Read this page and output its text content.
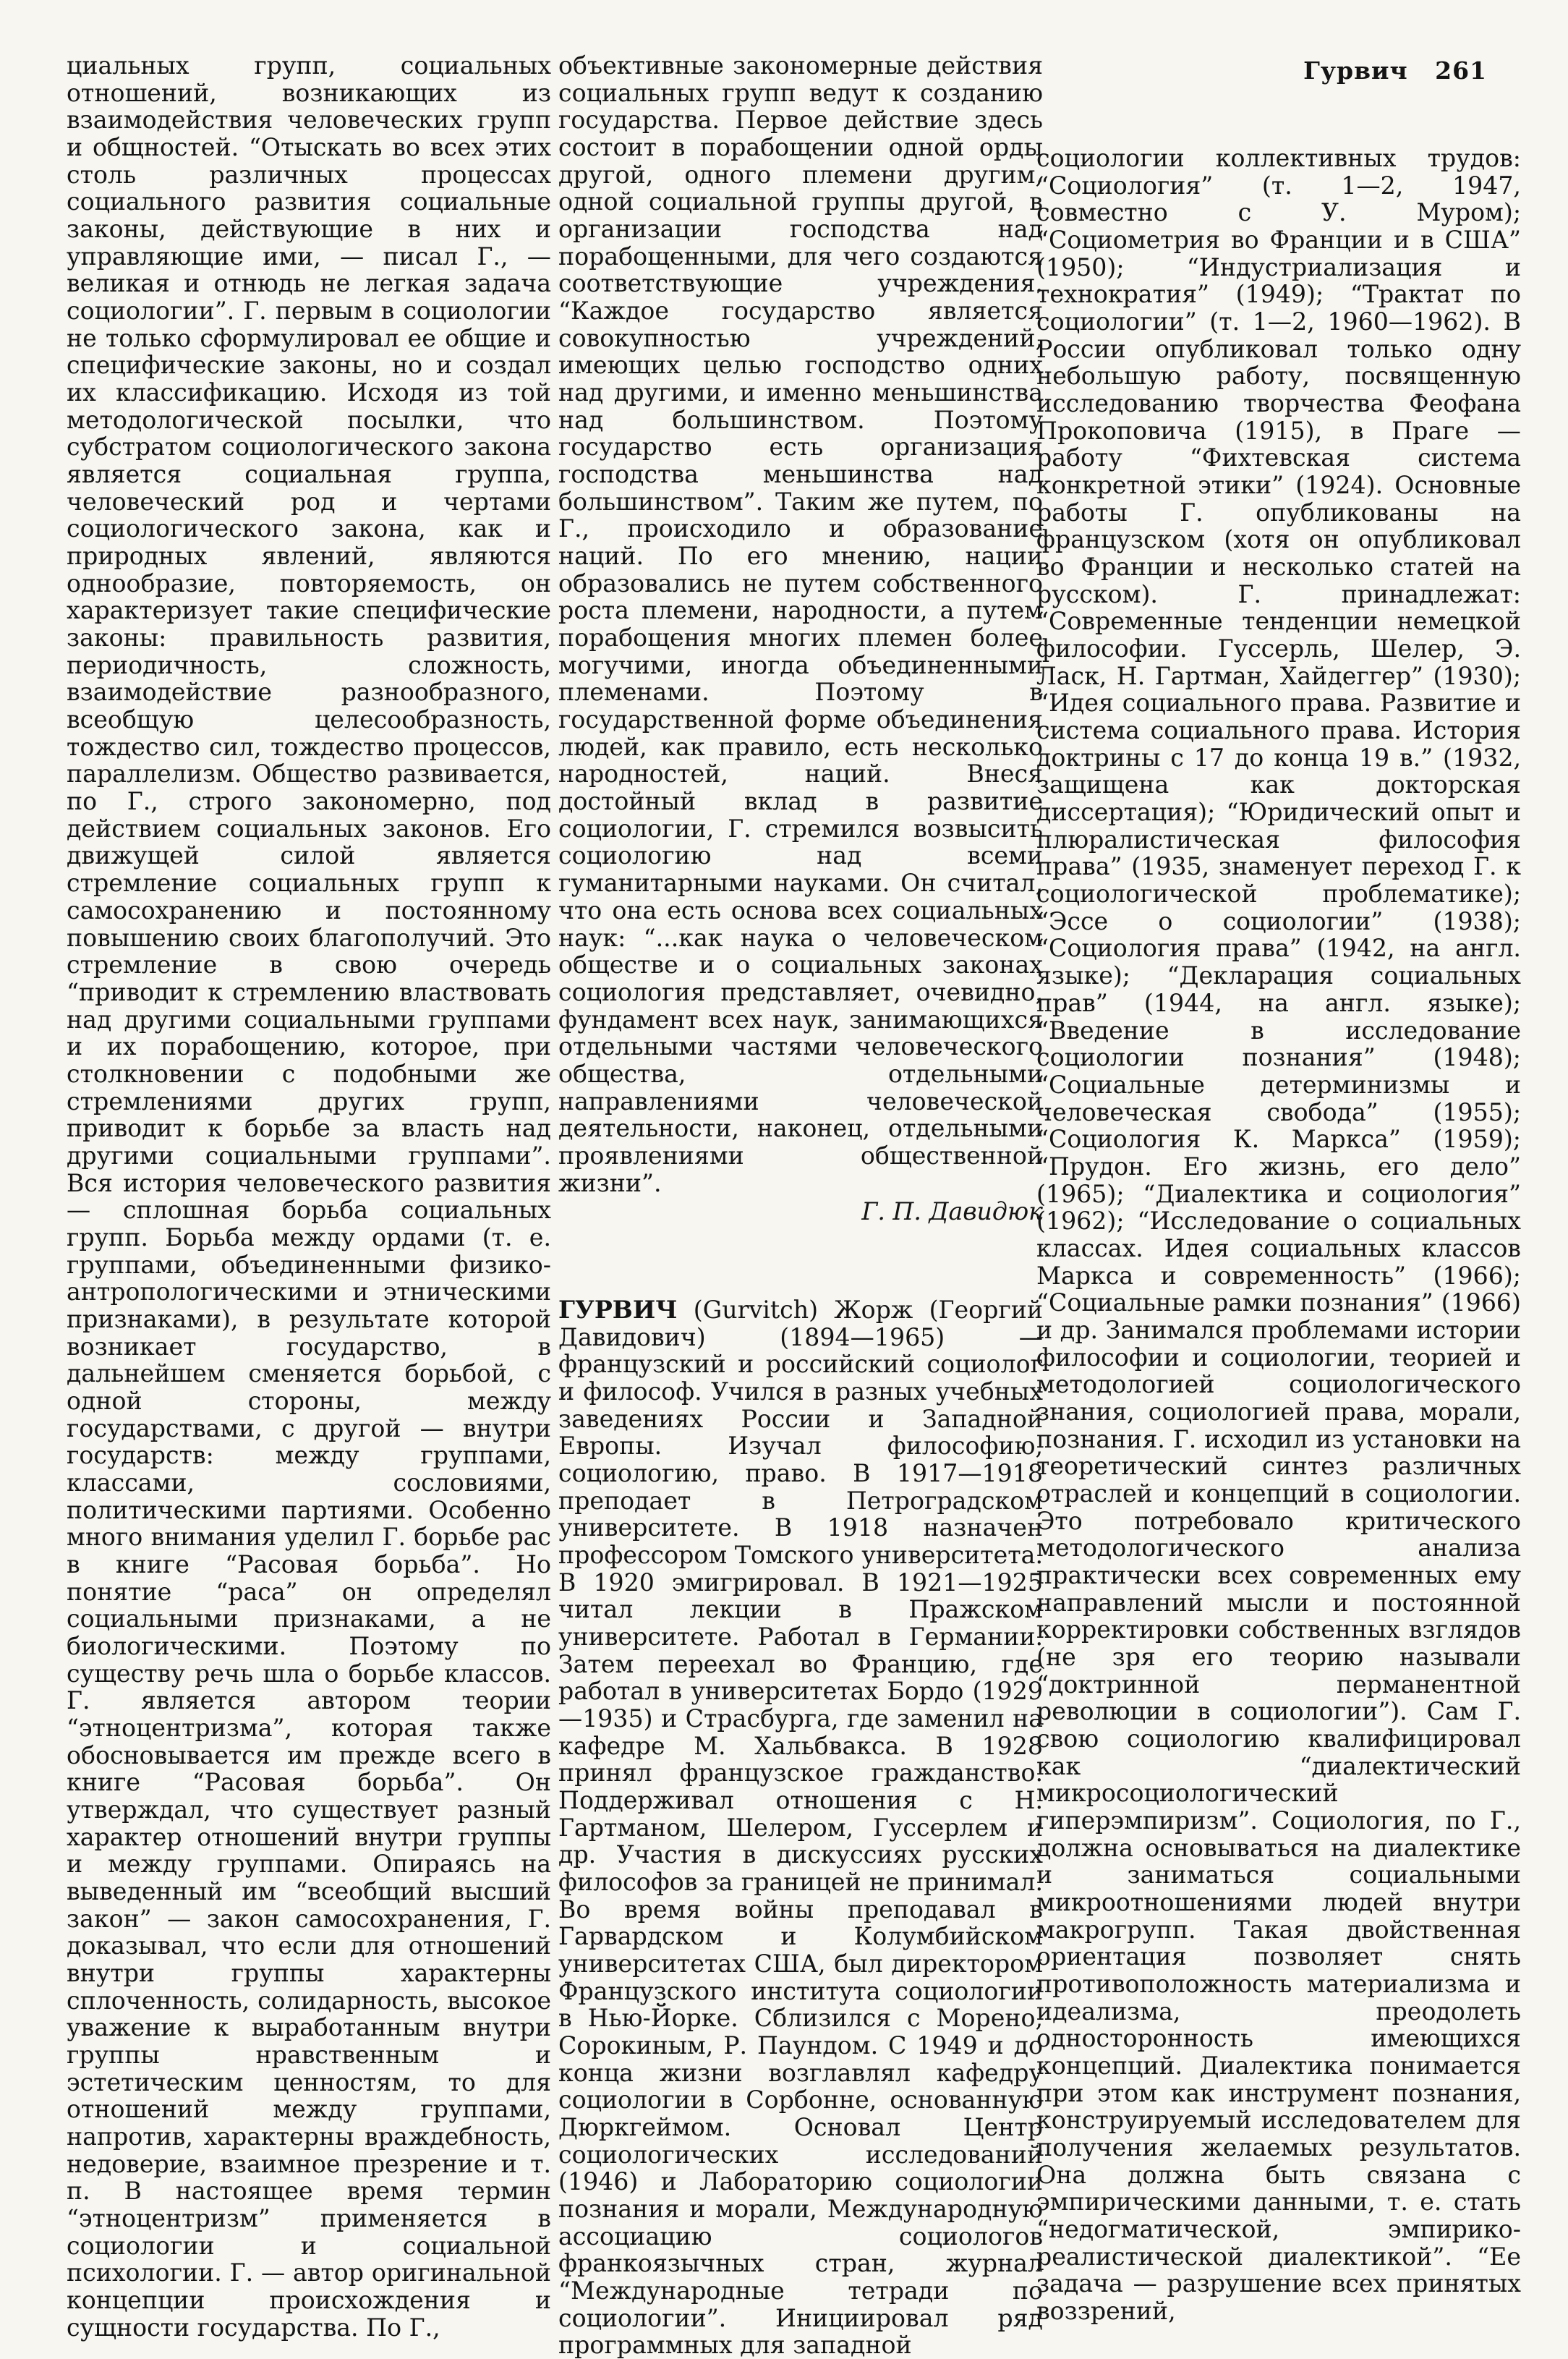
Гурвич   261

циальных групп, социальных отношений, возникающих из взаимодействия человеческих групп и общностей. “Отыскать во всех этих столь различных процессах социального развития социальные законы, действующие в них и управляющие ими, — писал Г., — великая и отнюдь не легкая задача социологии”. Г. первым в социологии не только сформулировал ее общие и специфические законы, но и создал их классификацию. Исходя из той методологической посылки, что субстратом социологического закона является социальная группа, человеческий род и чертами социологического закона, как и природных явлений, являются однообразие, повторяемость, он характеризует такие специфические законы: правильность развития, периодичность, сложность, взаимодействие разнообразного, всеобщую целесообразность, тождество сил, тождество процессов, параллелизм. Общество развивается, по Г., строго закономерно, под действием социальных законов. Его движущей силой является стремление социальных групп к самосохранению и постоянному повышению своих благополучий. Это стремление в свою очередь “приводит к стремлению властвовать над другими социальными группами и их порабощению, которое, при столкновении с подобными же стремлениями других групп, приводит к борьбе за власть над другими социальными группами”. Вся история человеческого развития — сплошная борьба социальных групп. Борьба между ордами (т. е. группами, объединенными физико-антропологическими и этническими признаками), в результате которой возникает государство, в дальнейшем сменяется борьбой, с одной стороны, между государствами, с другой — внутри государств: между группами, классами, сословиями, политическими партиями. Особенно много внимания уделил Г. борьбе рас в книге “Расовая борьба”. Но понятие “раса” он определял социальными признаками, а не биологическими. Поэтому по существу речь шла о борьбе классов. Г. является автором теории “этноцентризма”, которая также обосновывается им прежде всего в книге “Расовая борьба”. Он утверждал, что существует разный характер отношений внутри группы и между группами. Опираясь на выведенный им “всеобщий высший закон” — закон самосохранения, Г. доказывал, что если для отношений внутри группы характерны сплоченность, солидарность, высокое уважение к выработанным внутри группы нравственным и эстетическим ценностям, то для отношений между группами, напротив, характерны враждебность, недоверие, взаимное презрение и т. п. В настоящее время термин “этноцентризм” применяется в социологии и социальной психологии. Г. — автор оригинальной концепции происхождения и сущности государства. По Г.,

объективные закономерные действия социальных групп ведут к созданию государства. Первое действие здесь состоит в порабощении одной орды другой, одного племени другим, одной социальной группы другой, в организации господства над порабощенными, для чего создаются соответствующие учреждения. “Каждое государство является совокупностью учреждений, имеющих целью господство одних над другими, и именно меньшинства над большинством. Поэтому государство есть организация господства меньшинства над большинством”. Таким же путем, по Г., происходило и образование наций. По его мнению, нации образовались не путем собственного роста племени, народности, а путем порабощения многих племен более могучими, иногда объединенными племенами. Поэтому в государственной форме объединения людей, как правило, есть несколько народностей, наций. Внеся достойный вклад в развитие социологии, Г. стремился возвысить социологию над всеми гуманитарными науками. Он считал, что она есть основа всех социальных наук: “...как наука о человеческом обществе и о социальных законах социология представляет, очевидно, фундамент всех наук, занимающихся отдельными частями человеческого общества, отдельными направлениями человеческой деятельности, наконец, отдельными проявлениями общественной жизни”.

Г. П. Давидюк

ГУРВИЧ (Gurvitch) Жорж (Георгий Давидович) (1894—1965) — французский и российский социолог и философ. Учился в разных учебных заведениях России и Западной Европы. Изучал философию, социологию, право. В 1917—1918 преподает в Петроградском университете. В 1918 назначен профессором Томского университета. В 1920 эмигрировал. В 1921—1925 читал лекции в Пражском университете. Работал в Германии. Затем переехал во Францию, где работал в университетах Бордо (1929—1935) и Страсбурга, где заменил на кафедре М. Хальбвакса. В 1928 принял французское гражданство. Поддерживал отношения с Н. Гартманом, Шелером, Гуссерлем и др. Участия в дискуссиях русских философов за границей не принимал. Во время войны преподавал в Гарвардском и Колумбийском университетах США, был директором Французского института социологии в Нью-Йорке. Сблизился с Морено, Сорокиным, Р. Паундом. С 1949 и до конца жизни возглавлял кафедру социологии в Сорбонне, основанную Дюркгеймом. Основал Центр социологических исследований (1946) и Лабораторию социологии познания и морали, Международную ассоциацию социологов франкоязычных стран, журнал “Международные тетради по социологии”. Инициировал ряд программных для западной

социологии коллективных трудов: “Социология” (т. 1—2, 1947, совместно с У. Муром); “Социометрия во Франции и в США” (1950); “Индустриализация и технократия” (1949); “Трактат по социологии” (т. 1—2, 1960—1962). В России опубликовал только одну небольшую работу, посвященную исследованию творчества Феофана Прокоповича (1915), в Праге — работу “Фихтевская система конкретной этики” (1924). Основные работы Г. опубликованы на французском (хотя он опубликовал во Франции и несколько статей на русском). Г. принадлежат: “Современные тенденции немецкой философии. Гуссерль, Шелер, Э. Ласк, Н. Гартман, Хайдеггер” (1930); “Идея социального права. Развитие и система социального права. История доктрины с 17 до конца 19 в.” (1932, защищена как докторская диссертация); “Юридический опыт и плюралистическая философия права” (1935, знаменует переход Г. к социологической проблематике); “Эссе о социологии” (1938); “Социология права” (1942, на англ. языке); “Декларация социальных прав” (1944, на англ. языке); “Введение в исследование социологии познания” (1948); “Социальные детерминизмы и человеческая свобода” (1955); “Социология К. Маркса” (1959); “Прудон. Его жизнь, его дело” (1965); “Диалектика и социология” (1962); “Исследование о социальных классах. Идея социальных классов Маркса и современность” (1966); “Социальные рамки познания” (1966) и др. Занимался проблемами истории философии и социологии, теорией и методологией социологического знания, социологией права, морали, познания. Г. исходил из установки на теоретический синтез различных отраслей и концепций в социологии. Это потребовало критического методологического анализа практически всех современных ему направлений мысли и постоянной корректировки собственных взглядов (не зря его теорию называли “доктринной перманентной революции в социологии”). Сам Г. свою социологию квалифицировал как “диалектический микросоциологический гиперэмпиризм”. Социология, по Г., должна основываться на диалектике и заниматься социальными микроотношениями людей внутри макрогрупп. Такая двойственная ориентация позволяет снять противоположность материализма и идеализма, преодолеть односторонность имеющихся концепций. Диалектика понимается при этом как инструмент познания, конструируемый исследователем для получения желаемых результатов. Она должна быть связана с эмпирическими данными, т. е. стать “недогматической, эмпирико-реалистической диалектикой”. “Ее задача — разрушение всех принятых воззрений,
